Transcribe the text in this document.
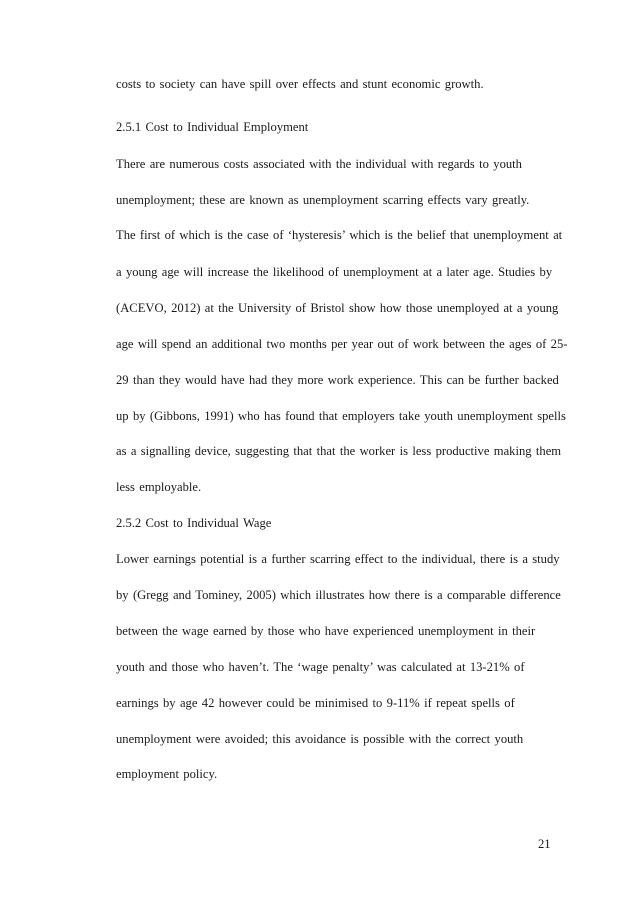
costs to society can have spill over effects and stunt economic growth.
2.5.1 Cost to Individual Employment
There are numerous costs associated with the individual with regards to youth
unemployment; these are known as unemployment scarring effects vary greatly.
The first of which is the case of ‘hysteresis’ which is the belief that unemployment at
a young age will increase the likelihood of unemployment at a later age. Studies by
(ACEVO, 2012) at the University of Bristol show how those unemployed at a young
age will spend an additional two months per year out of work between the ages of 25-
29 than they would have had they more work experience. This can be further backed
up by (Gibbons, 1991) who has found that employers take youth unemployment spells
as a signalling device, suggesting that that the worker is less productive making them
less employable.
2.5.2 Cost to Individual Wage
Lower earnings potential is a further scarring effect to the individual, there is a study
by (Gregg and Tominey, 2005) which illustrates how there is a comparable difference
between the wage earned by those who have experienced unemployment in their
youth and those who haven’t. The ‘wage penalty’ was calculated at 13-21% of
earnings by age 42 however could be minimised to 9-11% if repeat spells of
unemployment were avoided; this avoidance is possible with the correct youth
employment policy.
21
